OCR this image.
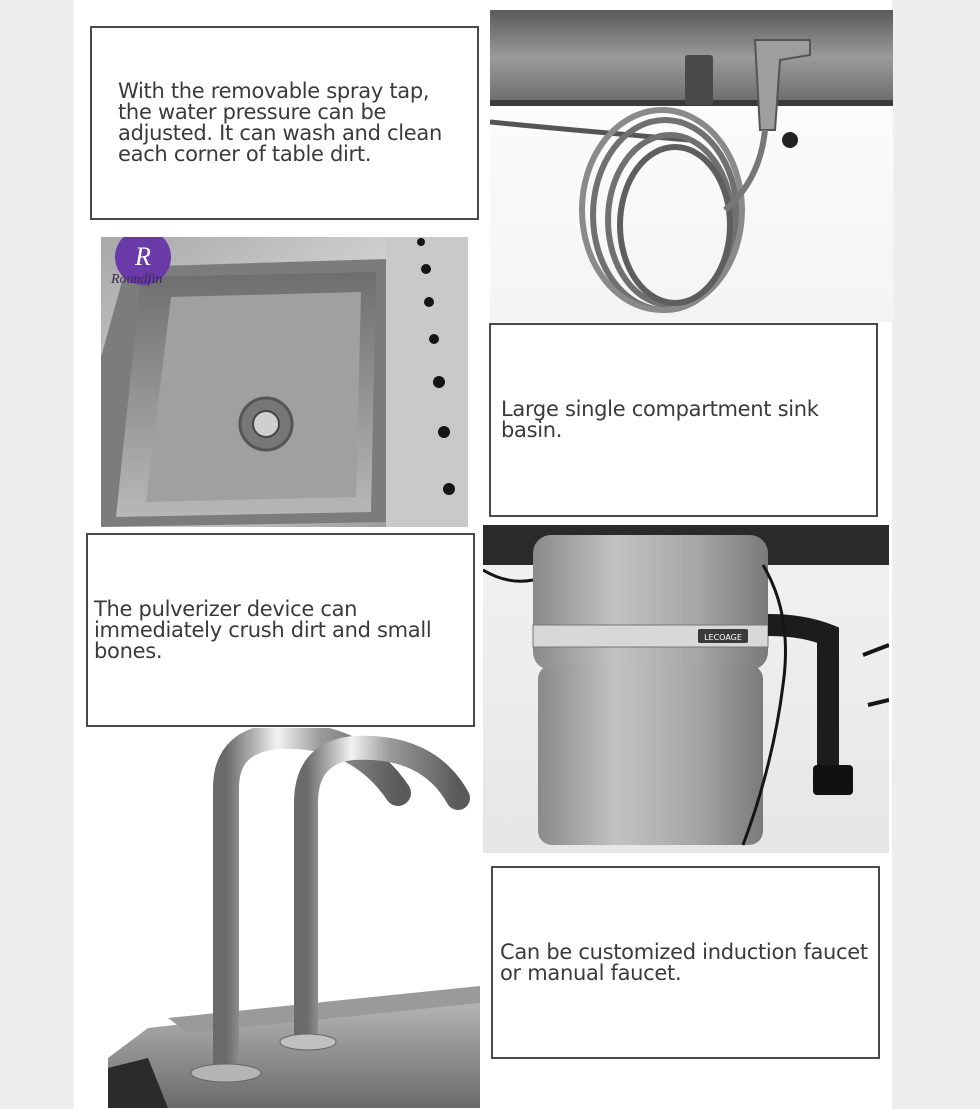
With the removable spray tap, the water pressure can be adjusted. It can wash and clean each corner of table dirt.
R
Roundfin
Large single compartment sink basin.
The pulverizer device can immediately crush dirt and small bones.
LECOAGE
Can be customized induction faucet or manual faucet.
